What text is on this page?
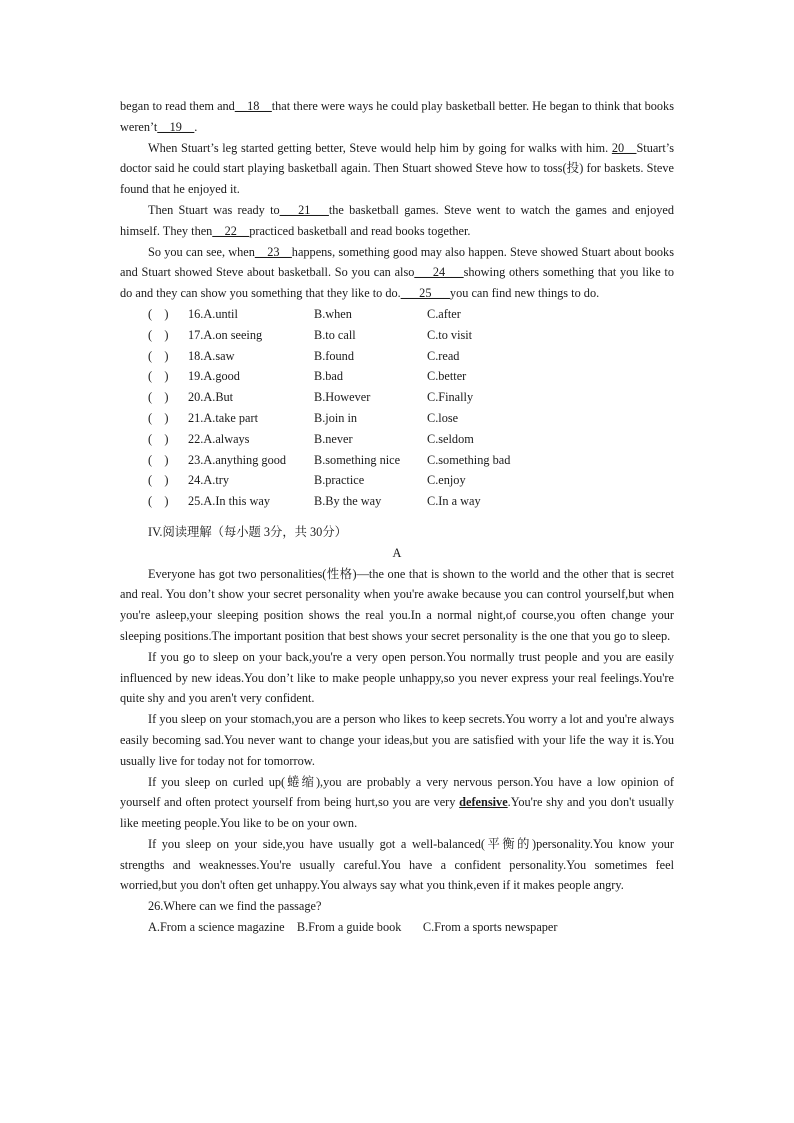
began to read them and__18__that there were ways he could play basketball better. He began to think that books weren’t__19__.

When Stuart’s leg started getting better, Steve would help him by going for walks with him. 20__Stuart’s doctor said he could start playing basketball again. Then Stuart showed Steve how to toss(投) for baskets. Steve found that he enjoyed it.

Then Stuart was ready to___21___the basketball games. Steve went to watch the games and enjoyed himself. They then__22__practiced basketball and read books together.

So you can see, when__23__happens, something good may also happen. Steve showed Stuart about books and Stuart showed Steve about basketball. So you can also___24___showing others something that you like to do and they can show you something that they like to do.___25___you can find new things to do.

(    )	16.A.until	B.when	C.after
(    )	17.A.on seeing	B.to call	C.to visit
(    )	18.A.saw	B.found	C.read
(    )	19.A.good	B.bad	C.better
(    )	20.A.But	B.However	C.Finally
(    )	21.A.take part	B.join in	C.lose
(    )	22.A.always	B.never	C.seldom
(    )	23.A.anything good	B.something nice	C.something bad
(    )	24.A.try	B.practice	C.enjoy
(    )	25.A.In this way	B.By the way	C.In a way
IV.阅读理解（每小题 3分，共 30分）
A

Everyone has got two personalities(性格)—the one that is shown to the world and the other that is secret and real. You don’t show your secret personality when you're awake because you can control yourself,but when you're asleep,your sleeping position shows the real you.In a normal night,of course,you often change your sleeping positions.The important position that best shows your secret personality is the one that you go to sleep.

If you go to sleep on your back,you're a very open person.You normally trust people and you are easily influenced by new ideas.You don’t like to make people unhappy,so you never express your real feelings.You're quite shy and you aren't very confident.

If you sleep on your stomach,you are a person who likes to keep secrets.You worry a lot and you're always easily becoming sad.You never want to change your ideas,but you are satisfied with your life the way it is.You usually live for today not for tomorrow.

If you sleep on curled up(蜷缩),you are probably a very nervous person.You have a low opinion of yourself and often protect yourself from being hurt,so you are very defensive.You're shy and you don't usually like meeting people.You like to be on your own.

If you sleep on your side,you have usually got a well-balanced(平衡的)personality.You know your strengths and weaknesses.You're usually careful.You have a confident personality.You sometimes feel worried,but you don't often get unhappy.You always say what you think,even if it makes people angry.

26.Where can we find the passage?

A.From a science magazine    B.From a guide book       C.From a sports newspaper
